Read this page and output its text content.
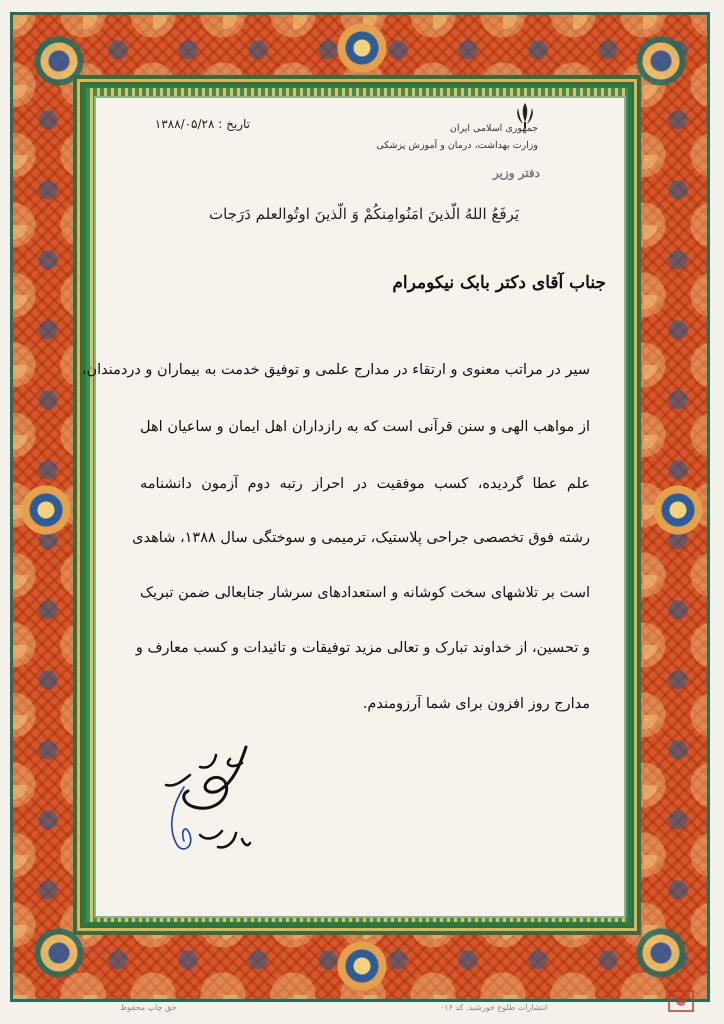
تاریخ : ۱۳۸۸/۰۵/۲۸	جمهوری اسلامی ایران

وزارت بهداشت، درمان و آموزش پزشکی

دفتر وزیر

یَرفَعُ اللهُ الّذینَ امَنُوامِنکُمْ وَ الّذینَ اوتُوالعلم دَرَجات

جناب آقای دکتر بابک نیکومرام

سیر در مراتب معنوی و ارتقاء در مدارج علمی و توفیق خدمت به بیماران و دردمندان،

از مواهب الهی و سنن قرآنی است که به رازداران اهل ایمان و ساعیان اهل

علم عطا گردیده، کسب موفقیت در احراز رتبه دوم آزمون دانشنامه

رشته فوق تخصصی جراحی پلاستیک، ترمیمی و سوختگی سال ۱۳۸۸، شاهدی

است بر تلاشهای سخت کوشانه و استعدادهای سرشار جنابعالی ضمن تبریک

و تحسین، از خداوند تبارک و تعالی مزید توفیقات و تائیدات و کسب معارف و

مدارج روز افزون برای شما آرزومندم.

حق چاپ محفوظ	انتشارات طلوع خورشید. کد ۰۱۶
